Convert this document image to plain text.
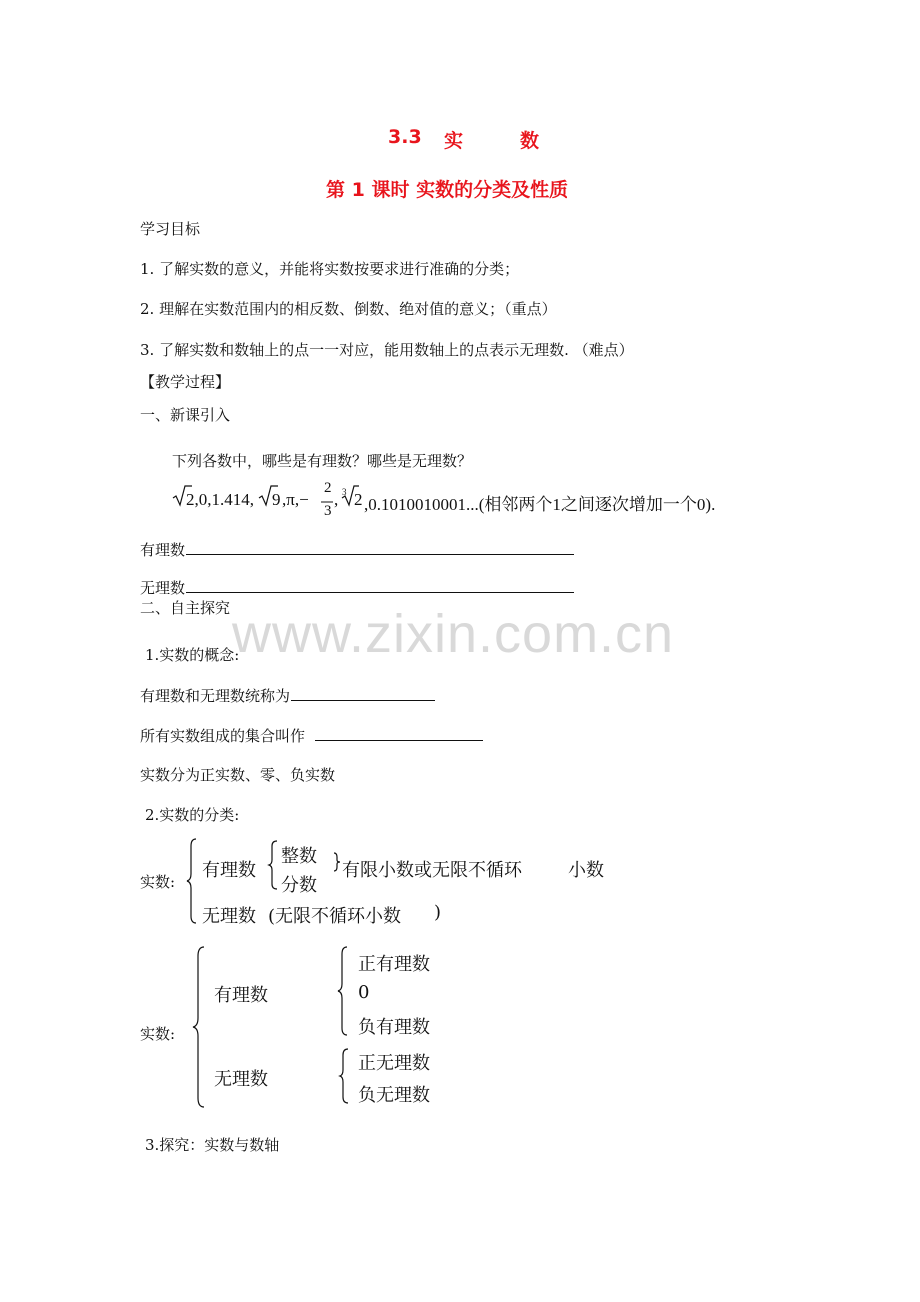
3.3 实	数
第 1 课时 实数的分类及性质
学习目标
1. 了解实数的意义，并能将实数按要求进行准确的分类；
2. 理解在实数范围内的相反数、倒数、绝对值的意义；（重点）
3. 了解实数和数轴上的点一一对应，能用数轴上的点表示无理数. （难点）
【教学过程】
一、新课引入
下列各数中，哪些是有理数？哪些是无理数？
2,0,1.414, 9 ,π,−
2
3
, 3 2 ,0.1010010001...(相邻两个1之间逐次增加一个0).
有理数
无理数
二、自主探究 www.zixin.com.cn
1.实数的概念:
有理数和无理数统称为
所有实数组成的集合叫作
实数分为正实数、零、负实数
2.实数的分类:
实数:
有理数
整数
分数
有限小数或无限不循环	小数
无理数 (无限不循环小数 )
实数:
有理数
正有理数
0
负有理数
无理数
正无理数
负无理数
3.探究：实数与数轴
